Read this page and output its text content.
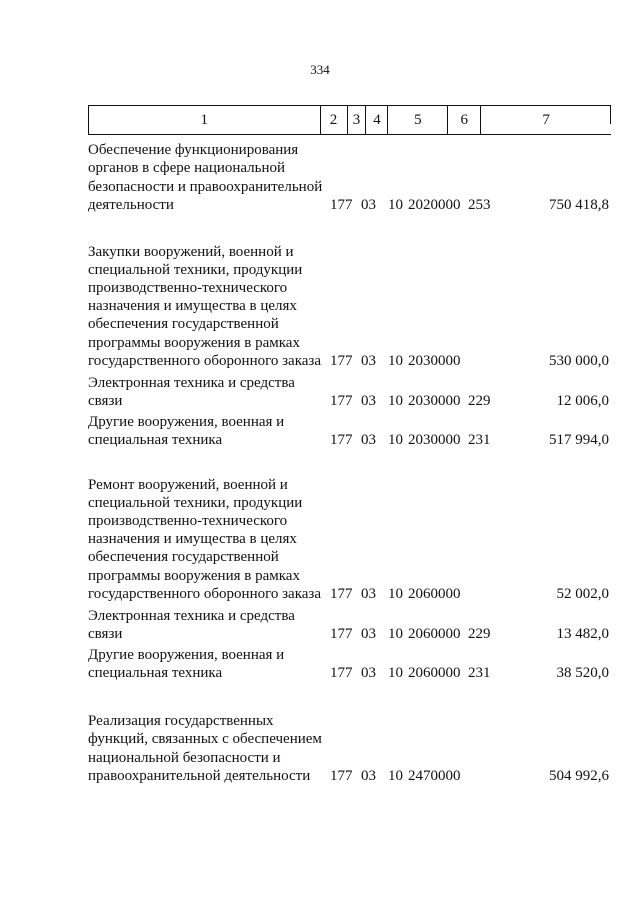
334
1	2	3 4	5	6	7
Обеспечение функционирования органов в сфере национальной безопасности и правоохранительной деятельности	177 03 10 2020000 253	750 418,8
Закупки вооружений, военной и специальной техники, продукции производственно-технического назначения и имущества в целях обеспечения государственной программы вооружения в рамках государственного оборонного заказа 177 03 10 2030000	530 000,0
Электронная техника и средства связи	177 03 10 2030000 229	12 006,0
Другие вооружения, военная и специальная техника	177 03 10 2030000 231	517 994,0
Ремонт вооружений, военной и специальной техники, продукции производственно-технического назначения и имущества в целях обеспечения государственной программы вооружения в рамках государственного оборонного заказа 177 03 10 2060000	52 002,0
Электронная техника и средства связи	177 03 10 2060000 229	13 482,0
Другие вооружения, военная и специальная техника	177 03 10 2060000 231	38 520,0
Реализация государственных функций, связанных с обеспечением национальной безопасности и правоохранительной деятельности	177 03 10 2470000	504 992,6
